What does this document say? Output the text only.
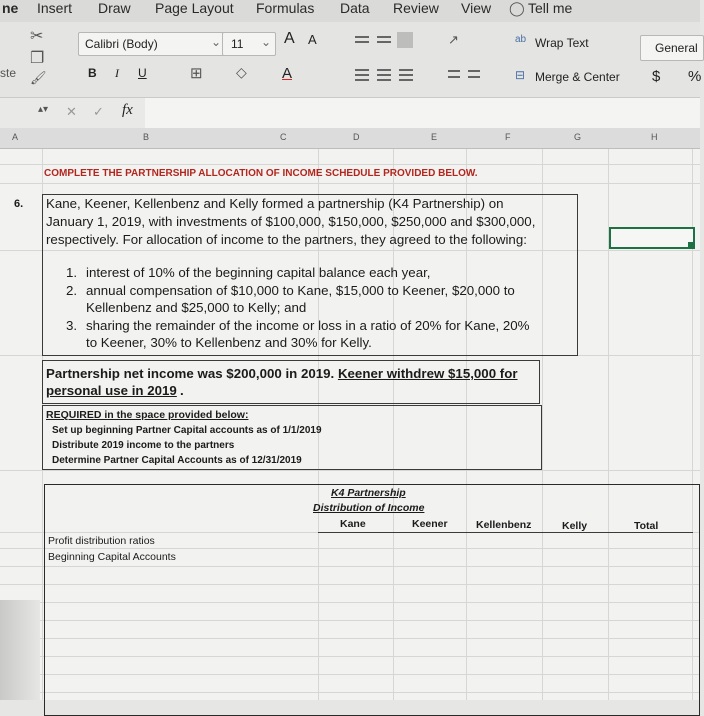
ne Insert Draw Page Layout Formulas Data Review View ◯ Tell me
✂
❐
🖌
ste
Calibri (Body)	⌄ 11 ⌄ A A
B I U	⊞ ◇ A
↗	ab Wrap Text
⊟ Merge & Center
General
$ %
▴▾ ✕ ✓ fx
A	B	C	D	E	F	G	H
COMPLETE THE PARTNERSHIP ALLOCATION OF INCOME SCHEDULE PROVIDED BELOW.
6. Kane, Keener, Kellenbenz and Kelly formed a partnership (K4 Partnership) on
January 1, 2019, with investments of $100,000, $150,000, $250,000 and $300,000,
respectively. For allocation of income to the partners, they agreed to the following:
1. interest of 10% of the beginning capital balance each year,
2. annual compensation of $10,000 to Kane, $15,000 to Keener, $20,000 to
Kellenbenz and $25,000 to Kelly; and
3. sharing the remainder of the income or loss in a ratio of 20% for Kane, 20%
to Keener, 30% to Kellenbenz and 30% for Kelly.
Partnership net income was $200,000 in 2019. Keener withdrew $15,000 for
personal use in 2019 .
REQUIRED in the space provided below:
Set up beginning Partner Capital accounts as of 1/1/2019
Distribute 2019 income to the partners
Determine Partner Capital Accounts as of 12/31/2019
K4 Partnership
Distribution of Income
Kane	Keener	Kellenbenz	Kelly	Total
Profit distribution ratios
Beginning Capital Accounts
